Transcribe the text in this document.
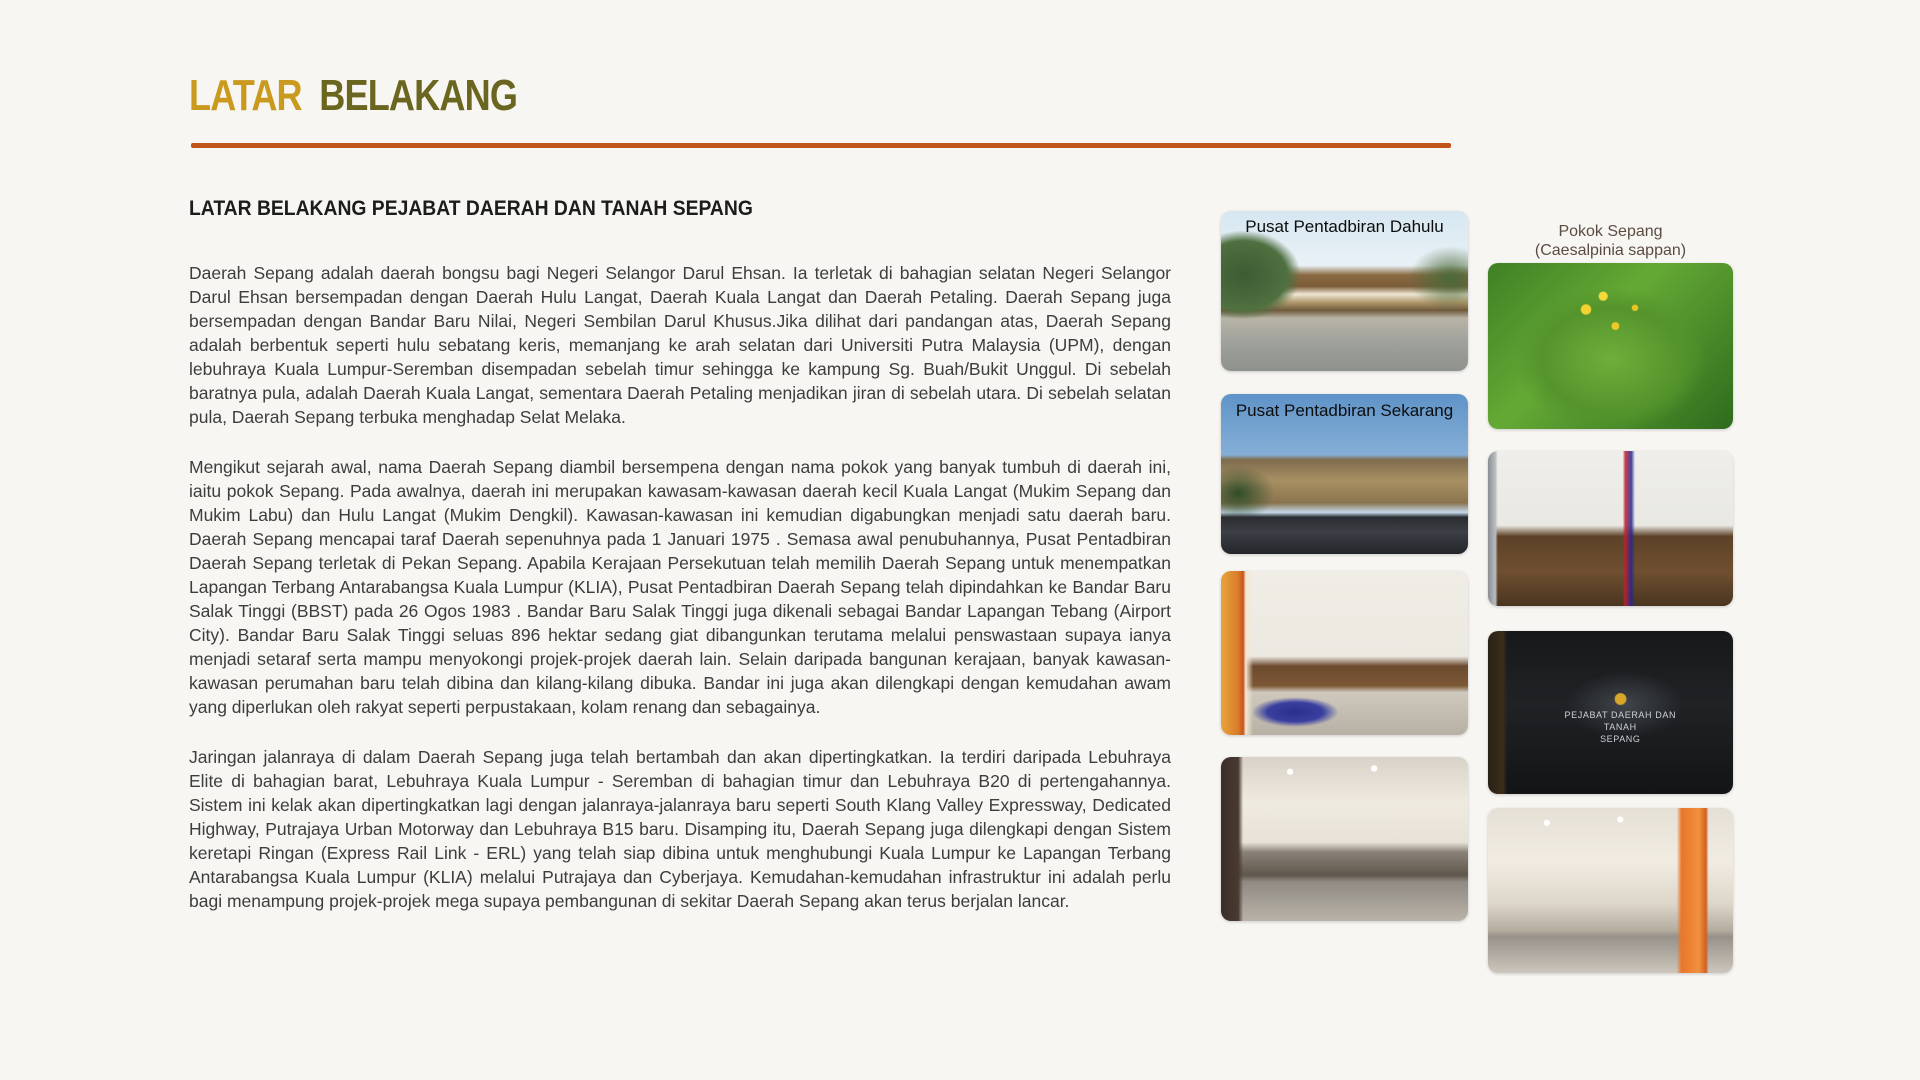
LATAR BELAKANG
LATAR BELAKANG PEJABAT DAERAH DAN TANAH SEPANG

Daerah Sepang adalah daerah bongsu bagi Negeri Selangor Darul Ehsan. Ia terletak di bahagian selatan Negeri Selangor Darul Ehsan bersempadan dengan Daerah Hulu Langat, Daerah Kuala Langat dan Daerah Petaling. Daerah Sepang juga bersempadan dengan Bandar Baru Nilai, Negeri Sembilan Darul Khusus.Jika dilihat dari pandangan atas, Daerah Sepang adalah berbentuk seperti hulu sebatang keris, memanjang ke arah selatan dari Universiti Putra Malaysia (UPM), dengan lebuhraya Kuala Lumpur-Seremban disempadan sebelah timur sehingga ke kampung Sg. Buah/Bukit Unggul. Di sebelah baratnya pula, adalah Daerah Kuala Langat, sementara Daerah Petaling menjadikan jiran di sebelah utara. Di sebelah selatan pula, Daerah Sepang terbuka menghadap Selat Melaka.

Mengikut sejarah awal, nama Daerah Sepang diambil bersempena dengan nama pokok yang banyak tumbuh di daerah ini, iaitu pokok Sepang. Pada awalnya, daerah ini merupakan kawasam-kawasan daerah kecil Kuala Langat (Mukim Sepang dan Mukim Labu) dan Hulu Langat (Mukim Dengkil). Kawasan-kawasan ini kemudian digabungkan menjadi satu daerah baru. Daerah Sepang mencapai taraf Daerah sepenuhnya pada 1 Januari 1975 . Semasa awal penubuhannya, Pusat Pentadbiran Daerah Sepang terletak di Pekan Sepang. Apabila Kerajaan Persekutuan telah memilih Daerah Sepang untuk menempatkan Lapangan Terbang Antarabangsa Kuala Lumpur (KLIA), Pusat Pentadbiran Daerah Sepang telah dipindahkan ke Bandar Baru Salak Tinggi (BBST) pada 26 Ogos 1983 . Bandar Baru Salak Tinggi juga dikenali sebagai Bandar Lapangan Tebang (Airport City). Bandar Baru Salak Tinggi seluas 896 hektar sedang giat dibangunkan terutama melalui penswastaan supaya ianya menjadi setaraf serta mampu menyokongi projek-projek daerah lain. Selain daripada bangunan kerajaan, banyak kawasan-kawasan perumahan baru telah dibina dan kilang-kilang dibuka. Bandar ini juga akan dilengkapi dengan kemudahan awam yang diperlukan oleh rakyat seperti perpustakaan, kolam renang dan sebagainya.

Jaringan jalanraya di dalam Daerah Sepang juga telah bertambah dan akan dipertingkatkan. Ia terdiri daripada Lebuhraya Elite di bahagian barat, Lebuhraya Kuala Lumpur - Seremban di bahagian timur dan Lebuhraya B20 di pertengahannya. Sistem ini kelak akan dipertingkatkan lagi dengan jalanraya-jalanraya baru seperti South Klang Valley Expressway, Dedicated Highway, Putrajaya Urban Motorway dan Lebuhraya B15 baru. Disamping itu, Daerah Sepang juga dilengkapi dengan Sistem keretapi Ringan (Express Rail Link - ERL) yang telah siap dibina untuk menghubungi Kuala Lumpur ke Lapangan Terbang Antarabangsa Kuala Lumpur (KLIA) melalui Putrajaya dan Cyberjaya. Kemudahan-kemudahan infrastruktur ini adalah perlu bagi menampung projek-projek mega supaya pembangunan di sekitar Daerah Sepang akan terus berjalan lancar.

Pusat Pentadbiran Dahulu
Pusat Pentadbiran Sekarang
Pokok Sepang
(Caesalpinia sappan)
PEJABAT DAERAH DAN TANAH
SEPANG
